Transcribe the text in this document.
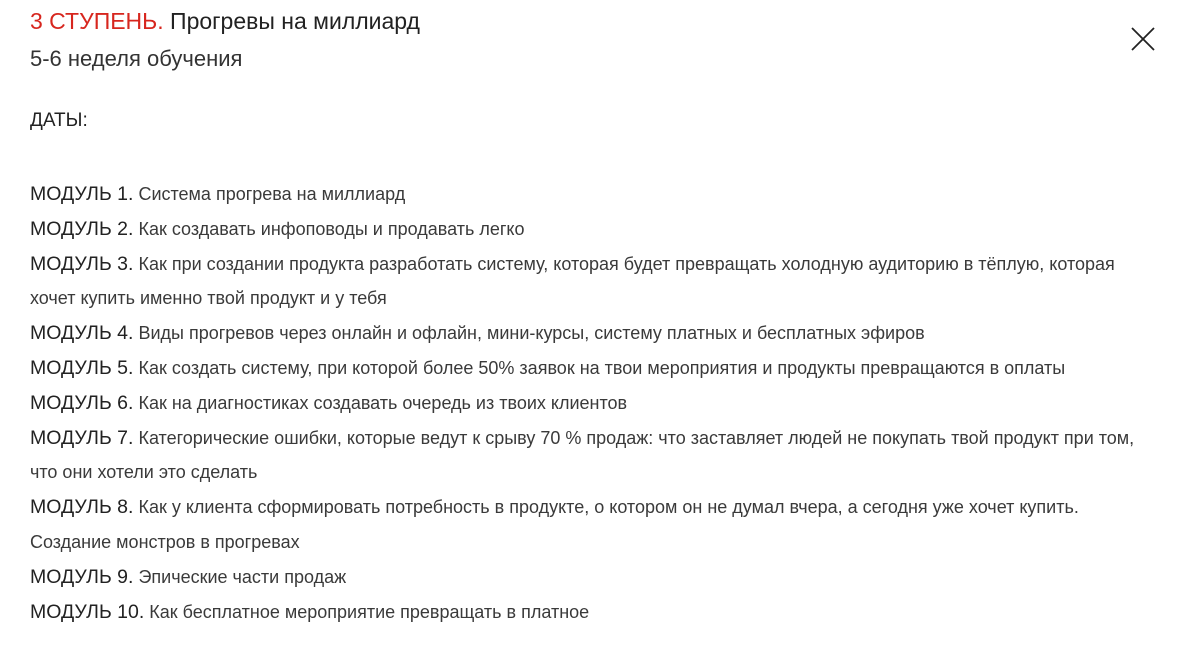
3 СТУПЕНЬ. Прогревы на миллиард
5-6 неделя обучения
ДАТЫ:
МОДУЛЬ 1. Система прогрева на миллиард
МОДУЛЬ 2. Как создавать инфоповоды и продавать легко
МОДУЛЬ 3. Как при создании продукта разработать систему, которая будет превращать холодную аудиторию в тёплую, которая хочет купить именно твой продукт и у тебя
МОДУЛЬ 4. Виды прогревов через онлайн и офлайн, мини-курсы, систему платных и бесплатных эфиров
МОДУЛЬ 5. Как создать систему, при которой более 50% заявок на твои мероприятия и продукты превращаются в оплаты
МОДУЛЬ 6. Как на диагностиках создавать очередь из твоих клиентов
МОДУЛЬ 7. Категорические ошибки, которые ведут к срыву 70 % продаж: что заставляет людей не покупать твой продукт при том, что они хотели это сделать
МОДУЛЬ 8. Как у клиента сформировать потребность в продукте, о котором он не думал вчера, а сегодня уже хочет купить. Создание монстров в прогревах
МОДУЛЬ 9. Эпические части продаж
МОДУЛЬ 10. Как бесплатное мероприятие превращать в платное
